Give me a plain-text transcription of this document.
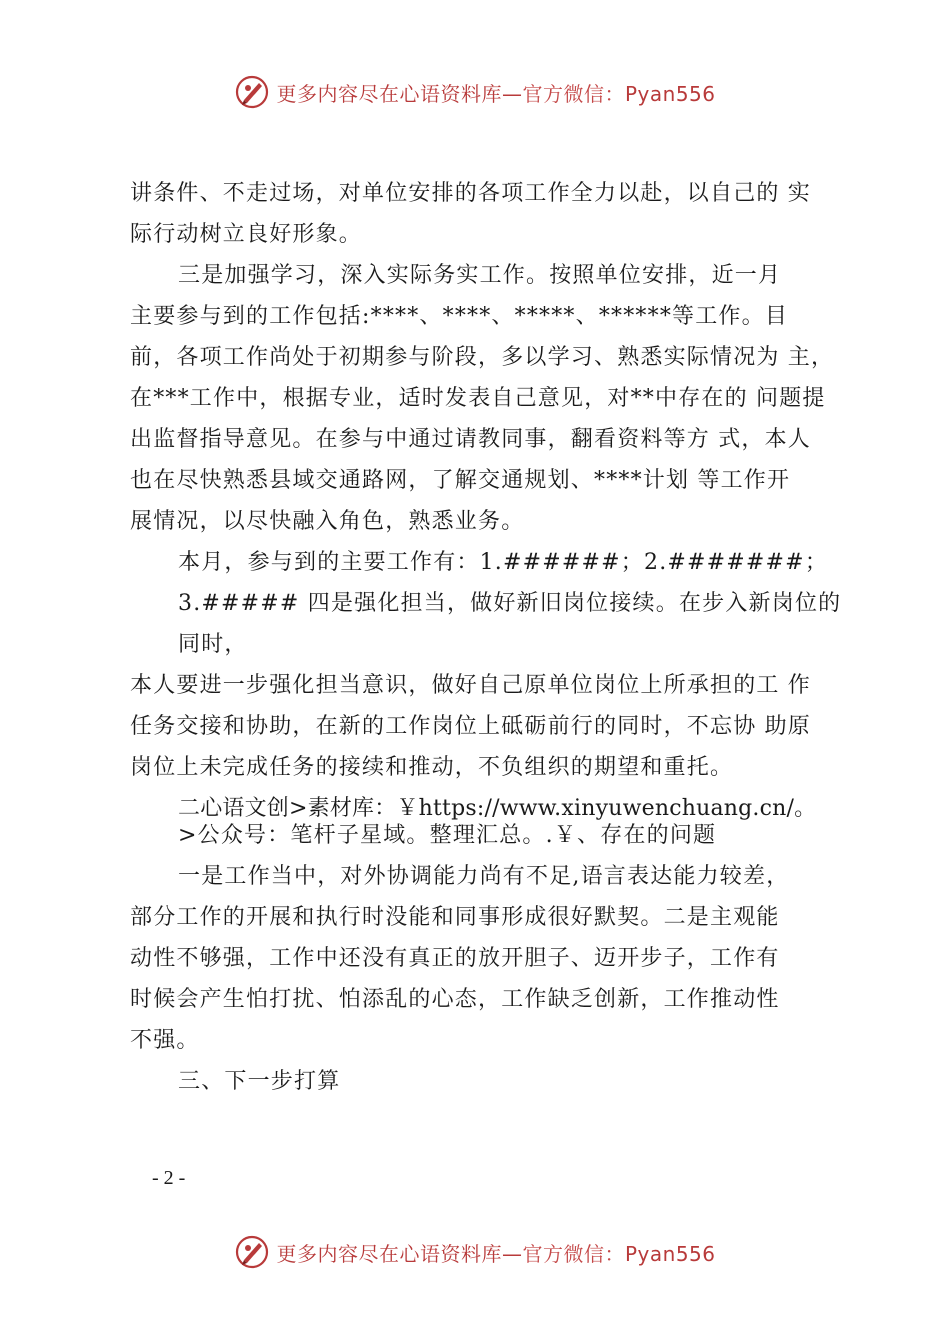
更多内容尽在心语资料库—官方微信：Pyan556
讲条件、不走过场，对单位安排的各项工作全力以赴，以自己的 实
际行动树立良好形象。
三是加强学习，深入实际务实工作。按照单位安排，近一月
主要参与到的工作包括:****、****、*****、******等工作。目
前，各项工作尚处于初期参与阶段，多以学习、熟悉实际情况为 主，
在***工作中，根据专业，适时发表自己意见，对**中存在的 问题提
出监督指导意见。在参与中通过请教同事，翻看资料等方 式，本人
也在尽快熟悉县域交通路网，了解交通规划、****计划 等工作开
展情况，以尽快融入角色，熟悉业务。
本月，参与到的主要工作有：1.######；2.#######；
3.##### 四是强化担当，做好新旧岗位接续。在步入新岗位的
同时，
本人要进一步强化担当意识，做好自己原单位岗位上所承担的工 作
任务交接和协助，在新的工作岗位上砥砺前行的同时，不忘协 助原
岗位上未完成任务的接续和推动，不负组织的期望和重托。
二心语文创>素材库：￥https://www.xinyuwenchuang.cn/。
>公众号：笔杆子星域。整理汇总。.￥、存在的问题
一是工作当中，对外协调能力尚有不足,语言表达能力较差，
部分工作的开展和执行时没能和同事形成很好默契。二是主观能
动性不够强，工作中还没有真正的放开胆子、迈开步子，工作有
时候会产生怕打扰、怕添乱的心态，工作缺乏创新，工作推动性
不强。
三、下一步打算
- 2 -
更多内容尽在心语资料库—官方微信：Pyan556
